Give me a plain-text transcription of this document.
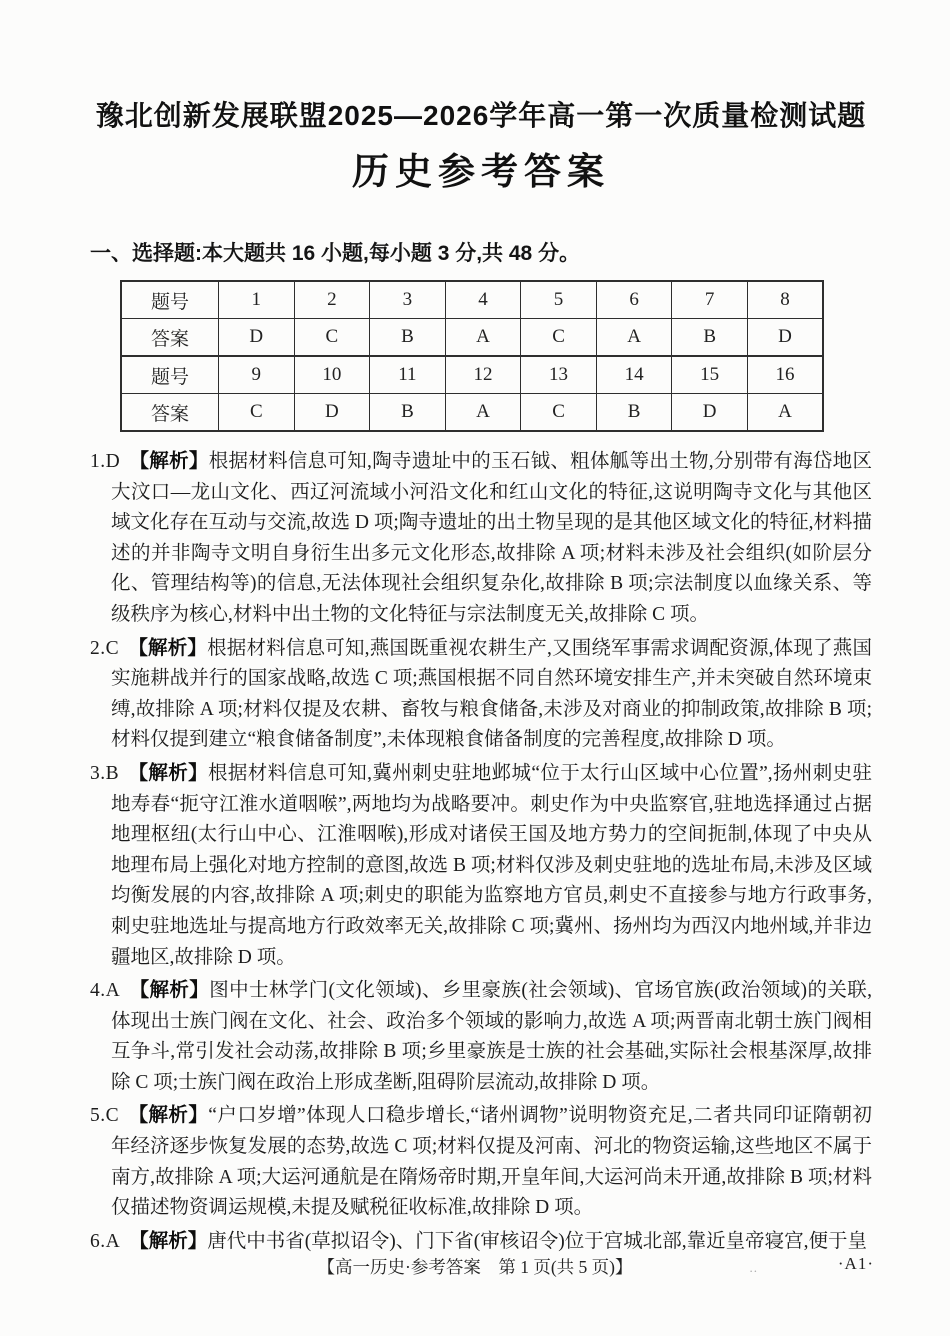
豫北创新发展联盟2025—2026学年高一第一次质量检测试题
历史参考答案
一、选择题:本大题共 16 小题,每小题 3 分,共 48 分。
题号	1	2	3	4	5	6	7	8
答案	D	C	B	A	C	A	B	D
题号	9	10	11	12	13	14	15	16
答案	C	D	B	A	C	B	D	A

1.D 【解析】根据材料信息可知,陶寺遗址中的玉石钺、粗体觚等出土物,分别带有海岱地区大汶口—龙山文化、西辽河流域小河沿文化和红山文化的特征,这说明陶寺文化与其他区域文化存在互动与交流,故选 D 项;陶寺遗址的出土物呈现的是其他区域文化的特征,材料描述的并非陶寺文明自身衍生出多元文化形态,故排除 A 项;材料未涉及社会组织(如阶层分化、管理结构等)的信息,无法体现社会组织复杂化,故排除 B 项;宗法制度以血缘关系、等级秩序为核心,材料中出土物的文化特征与宗法制度无关,故排除 C 项。

2.C 【解析】根据材料信息可知,燕国既重视农耕生产,又围绕军事需求调配资源,体现了燕国实施耕战并行的国家战略,故选 C 项;燕国根据不同自然环境安排生产,并未突破自然环境束缚,故排除 A 项;材料仅提及农耕、畜牧与粮食储备,未涉及对商业的抑制政策,故排除 B 项;材料仅提到建立“粮食储备制度”,未体现粮食储备制度的完善程度,故排除 D 项。

3.B 【解析】根据材料信息可知,冀州刺史驻地邺城“位于太行山区域中心位置”,扬州刺史驻地寿春“扼守江淮水道咽喉”,两地均为战略要冲。刺史作为中央监察官,驻地选择通过占据地理枢纽(太行山中心、江淮咽喉),形成对诸侯王国及地方势力的空间扼制,体现了中央从地理布局上强化对地方控制的意图,故选 B 项;材料仅涉及刺史驻地的选址布局,未涉及区域均衡发展的内容,故排除 A 项;刺史的职能为监察地方官员,刺史不直接参与地方行政事务,刺史驻地选址与提高地方行政效率无关,故排除 C 项;冀州、扬州均为西汉内地州域,并非边疆地区,故排除 D 项。

4.A 【解析】图中士林学门(文化领域)、乡里豪族(社会领域)、官场官族(政治领域)的关联,体现出士族门阀在文化、社会、政治多个领域的影响力,故选 A 项;两晋南北朝士族门阀相互争斗,常引发社会动荡,故排除 B 项;乡里豪族是士族的社会基础,实际社会根基深厚,故排除 C 项;士族门阀在政治上形成垄断,阻碍阶层流动,故排除 D 项。

5.C 【解析】“户口岁增”体现人口稳步增长,“诸州调物”说明物资充足,二者共同印证隋朝初年经济逐步恢复发展的态势,故选 C 项;材料仅提及河南、河北的物资运输,这些地区不属于南方,故排除 A 项;大运河通航是在隋炀帝时期,开皇年间,大运河尚未开通,故排除 B 项;材料仅描述物资调运规模,未提及赋税征收标准,故排除 D 项。

6.A 【解析】唐代中书省(草拟诏令)、门下省(审核诏令)位于宫城北部,靠近皇帝寝宫,便于皇

【高一历史·参考答案　第 1 页(共 5 页)】	..	·A1·
